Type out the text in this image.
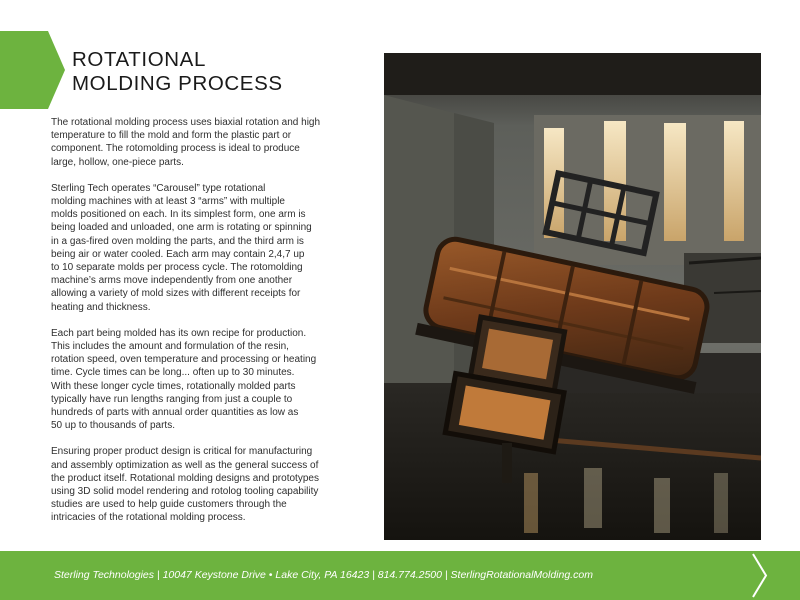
ROTATIONAL
MOLDING PROCESS

The rotational molding process uses biaxial rotation and high
temperature to fill the mold and form the plastic part or
component. The rotomolding process is ideal to produce
large, hollow, one-piece parts.

Sterling Tech operates “Carousel” type rotational
molding machines with at least 3 “arms” with multiple
molds positioned on each. In its simplest form, one arm is
being loaded and unloaded, one arm is rotating or spinning
in a gas-fired oven molding the parts, and the third arm is
being air or water cooled. Each arm may contain 2,4,7 up
to 10 separate molds per process cycle. The rotomolding
machine’s arms move independently from one another
allowing a variety of mold sizes with different receipts for
heating and thickness.

Each part being molded has its own recipe for production.
This includes the amount and formulation of the resin,
rotation speed, oven temperature and processing or heating
time. Cycle times can be long... often up to 30 minutes.
With these longer cycle times, rotationally molded parts
typically have run lengths ranging from just a couple to
hundreds of parts with annual order quantities as low as
50 up to thousands of parts.

Ensuring proper product design is critical for manufacturing
and assembly optimization as well as the general success of
the product itself. Rotational molding designs and prototypes
using 3D solid model rendering and rotolog tooling capability
studies are used to help guide customers through the
intricacies of the rotational molding process.

Sterling Technologies | 10047 Keystone Drive • Lake City, PA 16423 | 814.774.2500 | SterlingRotationalMolding.com
